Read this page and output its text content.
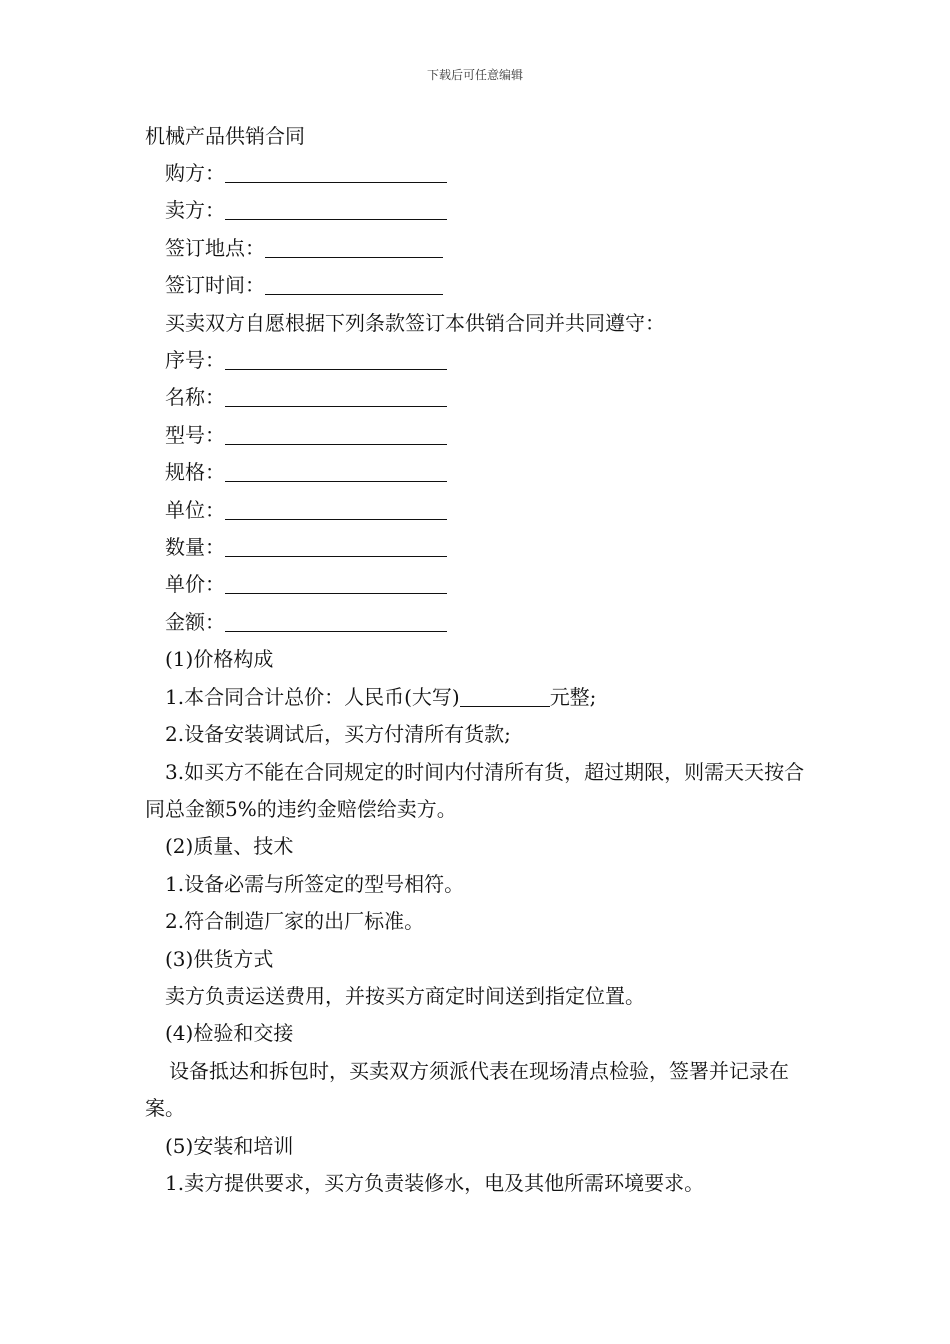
下载后可任意编辑
机械产品供销合同
购方：
卖方：
签订地点：
签订时间：
买卖双方自愿根据下列条款签订本供销合同并共同遵守：
序号：
名称：
型号：
规格：
单位：
数量：
单价：
金额：
(1)价格构成
1.本合同合计总价：人民币(大写)	元整;
2.设备安装调试后，买方付清所有货款;
3.如买方不能在合同规定的时间内付清所有货，超过期限，则需天天按合同总金额5%的违约金赔偿给卖方。
(2)质量、技术
1.设备必需与所签定的型号相符。
2.符合制造厂家的出厂标准。
(3)供货方式
卖方负责运送费用，并按买方商定时间送到指定位置。
(4)检验和交接
设备抵达和拆包时，买卖双方须派代表在现场清点检验，签署并记录在案。
(5)安装和培训
1.卖方提供要求，买方负责装修水，电及其他所需环境要求。
